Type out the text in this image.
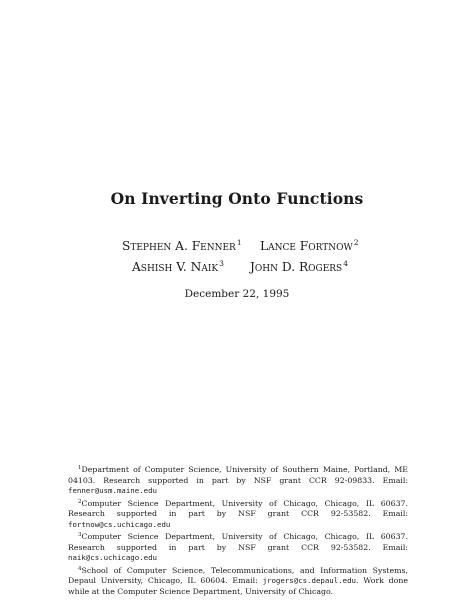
On Inverting Onto Functions
Stephen A. Fenner$^1$ Lance Fortnow$^2$
Ashish V. Naik$^3$ John D. Rogers$^4$
December 22, 1995

$^1$Department of Computer Science, University of Southern Maine, Portland, ME 04103. Research supported in part by NSF grant CCR 92-09833. Email: fenner@usm.maine.edu

$^2$Computer Science Department, University of Chicago, Chicago, IL 60637. Research supported in part by NSF grant CCR 92-53582. Email: fortnow@cs.uchicago.edu

$^3$Computer Science Department, University of Chicago, Chicago, IL 60637. Research supported in part by NSF grant CCR 92-53582. Email: naik@cs.uchicago.edu

$^4$School of Computer Science, Telecommunications, and Information Systems, Depaul University, Chicago, IL 60604. Email: jrogers@cs.depaul.edu. Work done while at the Computer Science Department, University of Chicago.
